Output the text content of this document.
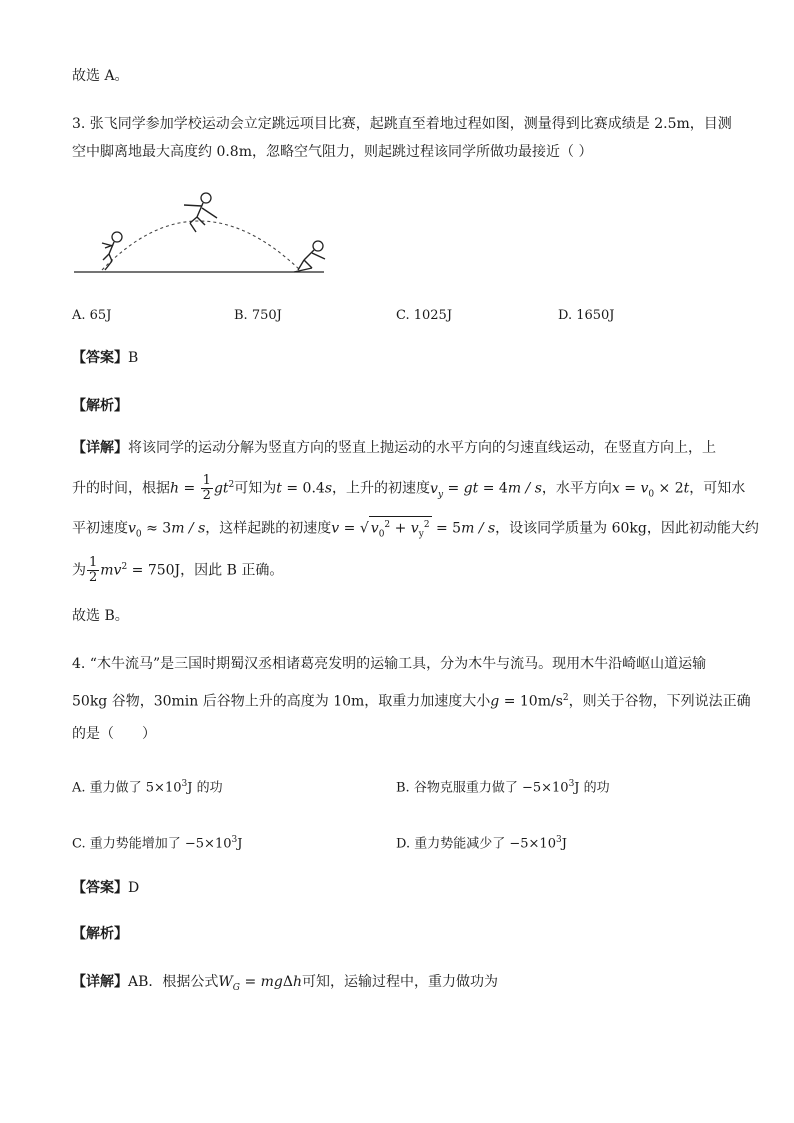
故选 A。
3. 张飞同学参加学校运动会立定跳远项目比赛，起跳直至着地过程如图，测量得到比赛成绩是 2.5m，目测
空中脚离地最大高度约 0.8m，忽略空气阻力，则起跳过程该同学所做功最接近（ ）
A. 65J	B. 750J	C. 1025J	D. 1650J
【答案】B
【解析】
【详解】将该同学的运动分解为竖直方向的竖直上抛运动的水平方向的匀速直线运动，在竖直方向上，上
升的时间，根据$h = \frac{1}{2} gt^2$可知为t = 0.4s，上升的初速度$v_y$ = gt = 4m / s，水平方向$x = v_0 \times 2t$，可知水
平初速度$v_0 \approx 3m / s$，这样起跳的初速度v = √ $v_0^2 + v_y^2 = 5m / s$，设该同学质量为 60kg，因此初动能大约
为 $\frac{1}{2} mv^2 = 750J$，因此 B 正确。
故选 B。
4. “木牛流马”是三国时期蜀汉丞相诸葛亮发明的运输工具，分为木牛与流马。现用木牛沿崎岖山道运输
50kg 谷物，30min 后谷物上升的高度为 10m，取重力加速度大小$g = 10m/s^2$，则关于谷物，下列说法正确
的是（　　）
A. 重力做了 $5\times 10^3J$ 的功	B. 谷物克服重力做了 $-5\times 10^3J$ 的功
C. 重力势能增加了 $-5\times 10^3J$	D. 重力势能减少了 $-5\times 10^3J$
【答案】D
【解析】
【详解】AB．根据公式$W_G = mg\Delta h$可知，运输过程中，重力做功为
